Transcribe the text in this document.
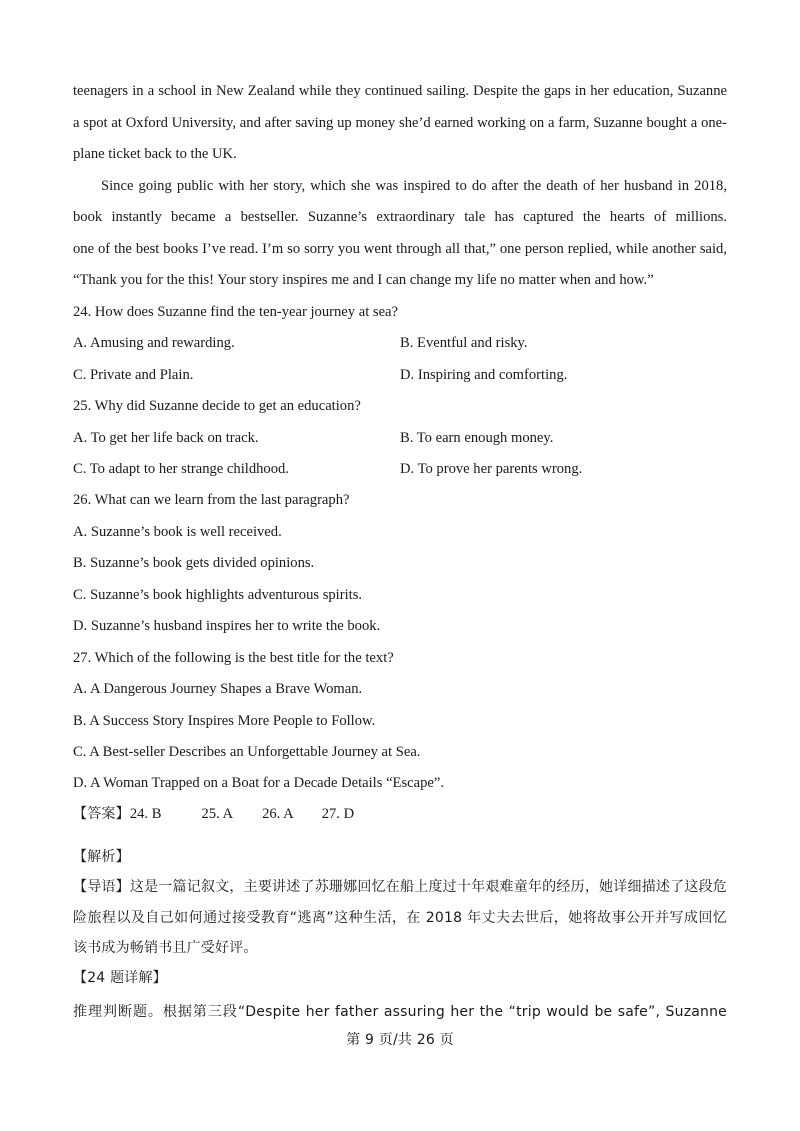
teenagers in a school in New Zealand while they continued sailing. Despite the gaps in her education, Suzanne
a spot at Oxford University, and after saving up money she’d earned working on a farm, Suzanne bought a one-
plane ticket back to the UK.
Since going public with her story, which she was inspired to do after the death of her husband in 2018,
book instantly became a bestseller. Suzanne’s extraordinary tale has captured the hearts of millions.
one of the best books I’ve read. I’m so sorry you went through all that,” one person replied, while another said,
“Thank you for the this! Your story inspires me and I can change my life no matter when and how.”
24. How does Suzanne find the ten-year journey at sea?
A. Amusing and rewarding.	B. Eventful and risky.
C. Private and Plain.	D. Inspiring and comforting.
25. Why did Suzanne decide to get an education?
A. To get her life back on track.	B. To earn enough money.
C. To adapt to her strange childhood.	D. To prove her parents wrong.
26. What can we learn from the last paragraph?
A. Suzanne’s book is well received.
B. Suzanne’s book gets divided opinions.
C. Suzanne’s book highlights adventurous spirits.
D. Suzanne’s husband inspires her to write the book.
27. Which of the following is the best title for the text?
A. A Dangerous Journey Shapes a Brave Woman.
B. A Success Story Inspires More People to Follow.
C. A Best-seller Describes an Unforgettable Journey at Sea.
D. A Woman Trapped on a Boat for a Decade Details “Escape”.
【答案】24. B	25. A 26. A 27. D
【解析】
【导语】这是一篇记叙文，主要讲述了苏珊娜回忆在船上度过十年艰难童年的经历，她详细描述了这段危
险旅程以及自己如何通过接受教育“逃离”这种生活，在 2018 年丈夫去世后，她将故事公开并写成回忆
该书成为畅销书且广受好评。
【24 题详解】
推理判断题。根据第三段“Despite her father assuring her the “trip would be safe”, Suzanne
第 9 页/共 26 页
